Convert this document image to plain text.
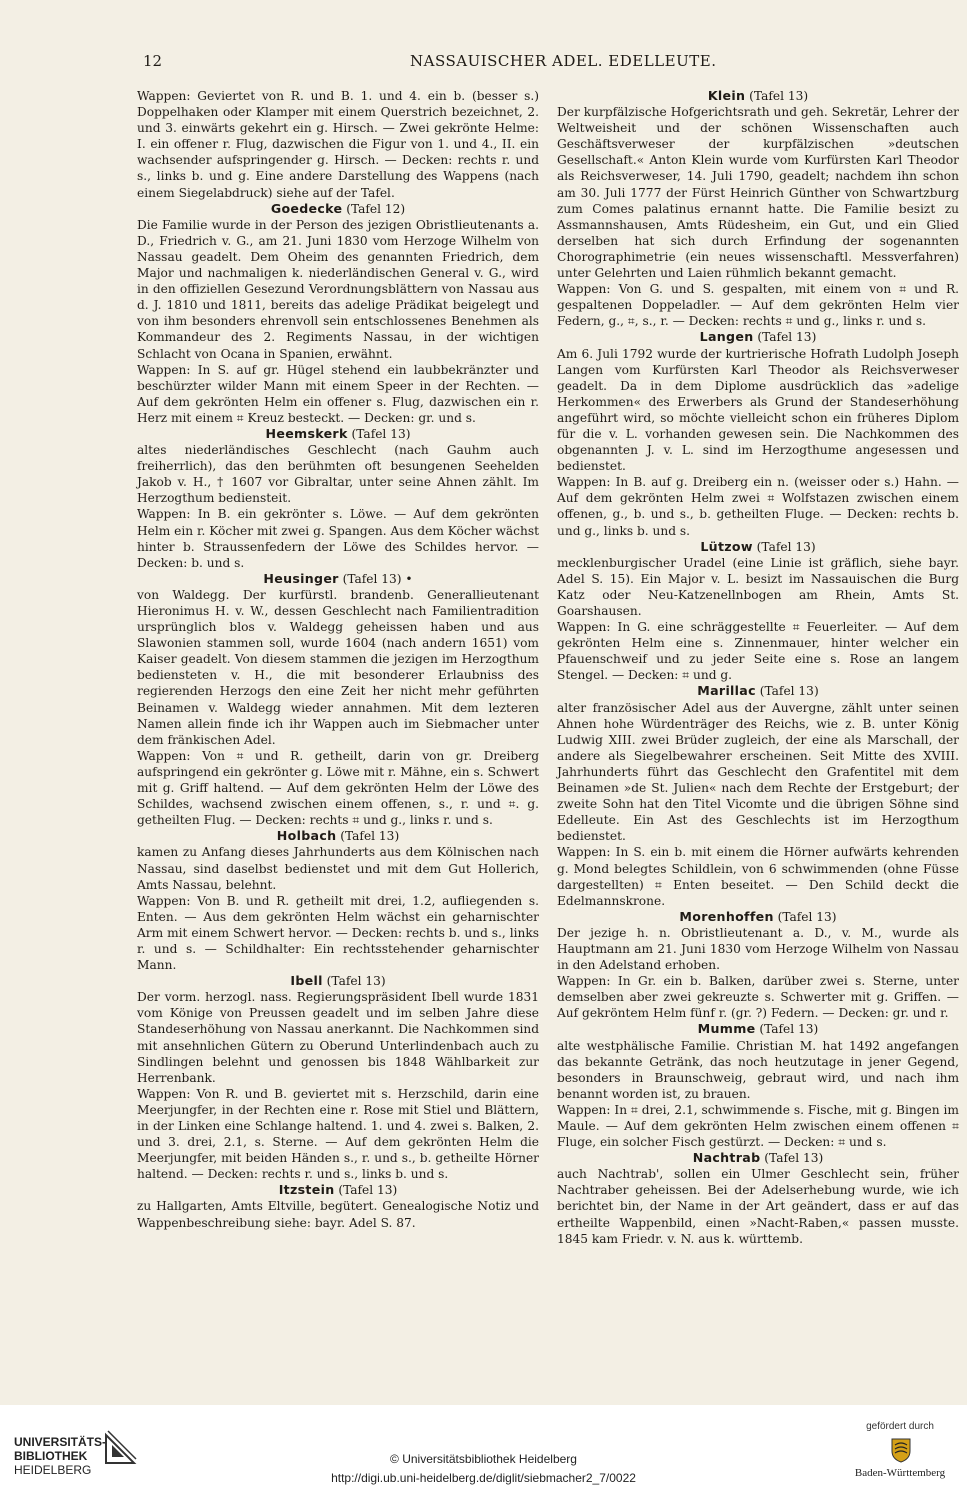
12	NASSAUISCHER ADEL. EDELLEUTE.

Wappen: Geviertet von R. und B. 1. und 4. ein b. (besser s.) Doppelhaken oder Klamper mit einem Querstrich bezeichnet, 2. und 3. einwärts gekehrt ein g. Hirsch. — Zwei gekrönte Helme: I. ein offener r. Flug, dazwischen die Figur von 1. und 4., II. ein wachsender aufspringender g. Hirsch. — Decken: rechts r. und s., links b. und g. Eine andere Darstellung des Wappens (nach einem Siegelabdruck) siehe auf der Tafel.

Goedecke (Tafel 12)

Die Familie wurde in der Person des jezigen Obristlieutenants a. D., Friedrich v. G., am 21. Juni 1830 vom Herzoge Wilhelm von Nassau geadelt. Dem Oheim des genannten Friedrich, dem Major und nachmaligen k. niederländischen General v. G., wird in den offiziellen Gesezund Verordnungsblättern von Nassau aus d. J. 1810 und 1811, bereits das adelige Prädikat beigelegt und von ihm besonders ehrenvoll sein entschlossenes Benehmen als Kommandeur des 2. Regiments Nassau, in der wichtigen Schlacht von Ocana in Spanien, erwähnt.

Wappen: In S. auf gr. Hügel stehend ein laubbekränzter und beschürzter wilder Mann mit einem Speer in der Rechten. — Auf dem gekrönten Helm ein offener s. Flug, dazwischen ein r. Herz mit einem ⌗ Kreuz besteckt. — Decken: gr. und s.

Heemskerk (Tafel 13)

altes niederländisches Geschlecht (nach Gauhm auch freiherrlich), das den berühmten oft besungenen Seehelden Jakob v. H., † 1607 vor Gibraltar, unter seine Ahnen zählt. Im Herzogthum bediensteit.

Wappen: In B. ein gekrönter s. Löwe. — Auf dem gekrönten Helm ein r. Köcher mit zwei g. Spangen. Aus dem Köcher wächst hinter b. Straussenfedern der Löwe des Schildes hervor. — Decken: b. und s.

Heusinger (Tafel 13) •

von Waldegg. Der kurfürstl. brandenb. Generallieutenant Hieronimus H. v. W., dessen Geschlecht nach Familientradition ursprünglich blos v. Waldegg geheissen haben und aus Slawonien stammen soll, wurde 1604 (nach andern 1651) vom Kaiser geadelt. Von diesem stammen die jezigen im Herzogthum bediensteten v. H., die mit besonderer Erlaubniss des regierenden Herzogs den eine Zeit her nicht mehr geführten Beinamen v. Waldegg wieder annahmen. Mit dem lezteren Namen allein finde ich ihr Wappen auch im Siebmacher unter dem fränkischen Adel.

Wappen: Von ⌗ und R. getheilt, darin von gr. Dreiberg aufspringend ein gekrönter g. Löwe mit r. Mähne, ein s. Schwert mit g. Griff haltend. — Auf dem gekrönten Helm der Löwe des Schildes, wachsend zwischen einem offenen, s., r. und ⌗. g. getheilten Flug. — Decken: rechts ⌗ und g., links r. und s.

Holbach (Tafel 13)

kamen zu Anfang dieses Jahrhunderts aus dem Kölnischen nach Nassau, sind daselbst bedienstet und mit dem Gut Hollerich, Amts Nassau, belehnt.

Wappen: Von B. und R. getheilt mit drei, 1.2, aufliegenden s. Enten. — Aus dem gekrönten Helm wächst ein geharnischter Arm mit einem Schwert hervor. — Decken: rechts b. und s., links r. und s. — Schildhalter: Ein rechtsstehender geharnischter Mann.

Ibell (Tafel 13)

Der vorm. herzogl. nass. Regierungspräsident Ibell wurde 1831 vom Könige von Preussen geadelt und im selben Jahre diese Standeserhöhung von Nassau anerkannt. Die Nachkommen sind mit ansehnlichen Gütern zu Oberund Unterlindenbach auch zu Sindlingen belehnt und genossen bis 1848 Wählbarkeit zur Herrenbank.

Wappen: Von R. und B. geviertet mit s. Herzschild, darin eine Meerjungfer, in der Rechten eine r. Rose mit Stiel und Blättern, in der Linken eine Schlange haltend. 1. und 4. zwei s. Balken, 2. und 3. drei, 2.1, s. Sterne. — Auf dem gekrönten Helm die Meerjungfer, mit beiden Händen s., r. und s., b. getheilte Hörner haltend. — Decken: rechts r. und s., links b. und s.

Itzstein (Tafel 13)

zu Hallgarten, Amts Eltville, begütert. Genealogische Notiz und Wappenbeschreibung siehe: bayr. Adel S. 87.

Klein (Tafel 13)

Der kurpfälzische Hofgerichtsrath und geh. Sekretär, Lehrer der Weltweisheit und der schönen Wissenschaften auch Geschäftsverweser der kurpfälzischen »deutschen Gesellschaft.« Anton Klein wurde vom Kurfürsten Karl Theodor als Reichsverweser, 14. Juli 1790, geadelt; nachdem ihn schon am 30. Juli 1777 der Fürst Heinrich Günther von Schwartzburg zum Comes palatinus ernannt hatte. Die Familie besizt zu Assmannshausen, Amts Rüdesheim, ein Gut, und ein Glied derselben hat sich durch Erfindung der sogenannten Chorographimetrie (ein neues wissenschaftl. Messverfahren) unter Gelehrten und Laien rühmlich bekannt gemacht.

Wappen: Von G. und S. gespalten, mit einem von ⌗ und R. gespaltenen Doppeladler. — Auf dem gekrönten Helm vier Federn, g., ⌗, s., r. — Decken: rechts ⌗ und g., links r. und s.

Langen (Tafel 13)

Am 6. Juli 1792 wurde der kurtrierische Hofrath Ludolph Joseph Langen vom Kurfürsten Karl Theodor als Reichsverweser geadelt. Da in dem Diplome ausdrücklich das »adelige Herkommen« des Erwerbers als Grund der Standeserhöhung angeführt wird, so möchte vielleicht schon ein früheres Diplom für die v. L. vorhanden gewesen sein. Die Nachkommen des obgenannten J. v. L. sind im Herzogthume angesessen und bedienstet.

Wappen: In B. auf g. Dreiberg ein n. (weisser oder s.) Hahn. — Auf dem gekrönten Helm zwei ⌗ Wolfstazen zwischen einem offenen, g., b. und s., b. getheilten Fluge. — Decken: rechts b. und g., links b. und s.

Lützow (Tafel 13)

mecklenburgischer Uradel (eine Linie ist gräflich, siehe bayr. Adel S. 15). Ein Major v. L. besizt im Nassauischen die Burg Katz oder Neu-Katzenellnbogen am Rhein, Amts St. Goarshausen.

Wappen: In G. eine schräggestellte ⌗ Feuerleiter. — Auf dem gekrönten Helm eine s. Zinnenmauer, hinter welcher ein Pfauenschweif und zu jeder Seite eine s. Rose an langem Stengel. — Decken: ⌗ und g.

Marillac (Tafel 13)

alter französischer Adel aus der Auvergne, zählt unter seinen Ahnen hohe Würdenträger des Reichs, wie z. B. unter König Ludwig XIII. zwei Brüder zugleich, der eine als Marschall, der andere als Siegelbewahrer erscheinen. Seit Mitte des XVIII. Jahrhunderts führt das Geschlecht den Grafentitel mit dem Beinamen »de St. Julien« nach dem Rechte der Erstgeburt; der zweite Sohn hat den Titel Vicomte und die übrigen Söhne sind Edelleute. Ein Ast des Geschlechts ist im Herzogthum bedienstet.

Wappen: In S. ein b. mit einem die Hörner aufwärts kehrenden g. Mond belegtes Schildlein, von 6 schwimmenden (ohne Füsse dargestellten) ⌗ Enten beseitet. — Den Schild deckt die Edelmannskrone.

Morenhoffen (Tafel 13)

Der jezige h. n. Obristlieutenant a. D., v. M., wurde als Hauptmann am 21. Juni 1830 vom Herzoge Wilhelm von Nassau in den Adelstand erhoben.

Wappen: In Gr. ein b. Balken, darüber zwei s. Sterne, unter demselben aber zwei gekreuzte s. Schwerter mit g. Griffen. — Auf gekröntem Helm fünf r. (gr. ?) Federn. — Decken: gr. und r.

Mumme (Tafel 13)

alte westphälische Familie. Christian M. hat 1492 angefangen das bekannte Getränk, das noch heutzutage in jener Gegend, besonders in Braunschweig, gebraut wird, und nach ihm benannt worden ist, zu brauen.

Wappen: In ⌗ drei, 2.1, schwimmende s. Fische, mit g. Bingen im Maule. — Auf dem gekrönten Helm zwischen einem offenen ⌗ Fluge, ein solcher Fisch gestürzt. — Decken: ⌗ und s.

Nachtrab (Tafel 13)

auch Nachtrab', sollen ein Ulmer Geschlecht sein, früher Nachtraber geheissen. Bei der Adelserhebung wurde, wie ich berichtet bin, der Name in der Art geändert, dass er auf das ertheilte Wappenbild, einen »Nacht-Raben,« passen musste. 1845 kam Friedr. v. N. aus k. württemb.

UNIVERSITÄTS-
BIBLIOTHEK
HEIDELBERG
© Universitätsbibliothek Heidelberg
http://digi.ub.uni-heidelberg.de/diglit/siebmacher2_7/0022
gefördert durch
Baden-Württemberg
